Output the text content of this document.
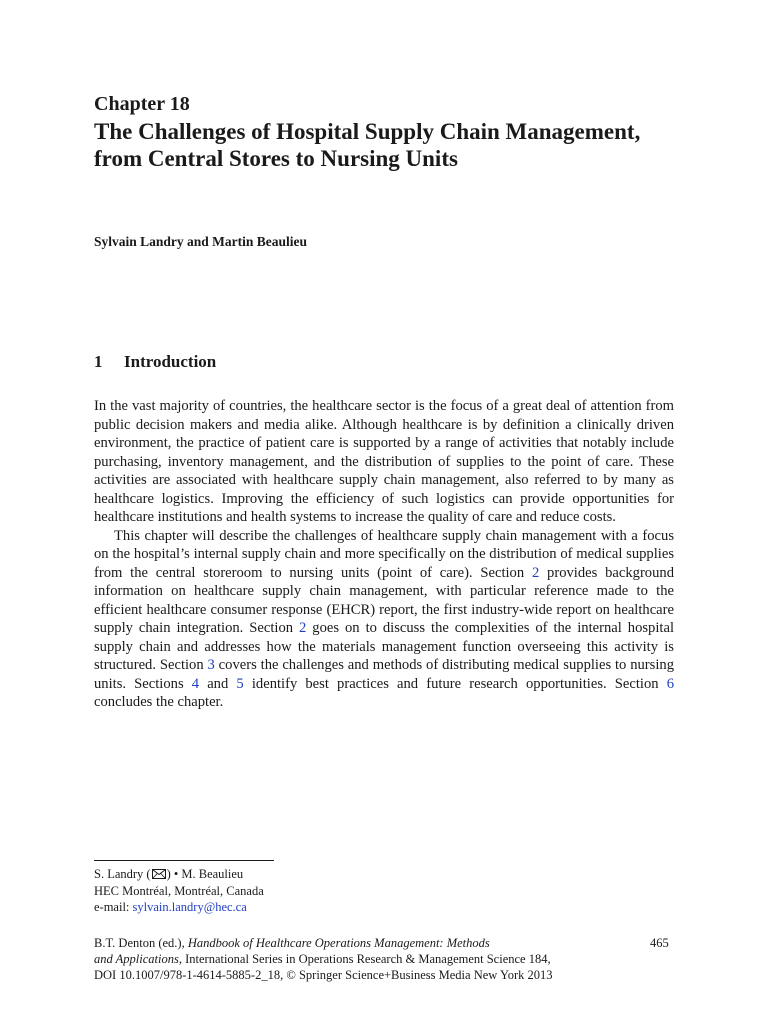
Chapter 18
The Challenges of Hospital Supply Chain Management, from Central Stores to Nursing Units
Sylvain Landry and Martin Beaulieu
1 Introduction

In the vast majority of countries, the healthcare sector is the focus of a great deal of attention from public decision makers and media alike. Although healthcare is by definition a clinically driven environment, the practice of patient care is supported by a range of activities that notably include purchasing, inventory management, and the distribution of supplies to the point of care. These activities are associated with healthcare supply chain management, also referred to by many as healthcare logistics. Improving the efficiency of such logistics can provide opportunities for healthcare institutions and health systems to increase the quality of care and reduce costs.

This chapter will describe the challenges of healthcare supply chain management with a focus on the hospital’s internal supply chain and more specifically on the distribution of medical supplies from the central storeroom to nursing units (point of care). Section 2 provides background information on healthcare supply chain management, with particular reference made to the efficient healthcare consumer response (EHCR) report, the first industry-wide report on healthcare supply chain integration. Section 2 goes on to discuss the complexities of the internal hospital supply chain and addresses how the materials management function overseeing this activity is structured. Section 3 covers the challenges and methods of distributing medical supplies to nursing units. Sections 4 and 5 identify best practices and future research opportunities. Section 6 concludes the chapter.

S. Landry ( ) • M. Beaulieu
HEC Montréal, Montréal, Canada
e-mail: sylvain.landry@hec.ca
B.T. Denton (ed.), Handbook of Healthcare Operations Management: Methods
and Applications, International Series in Operations Research & Management Science 184,
DOI 10.1007/978-1-4614-5885-2_18, © Springer Science+Business Media New York 2013
465
